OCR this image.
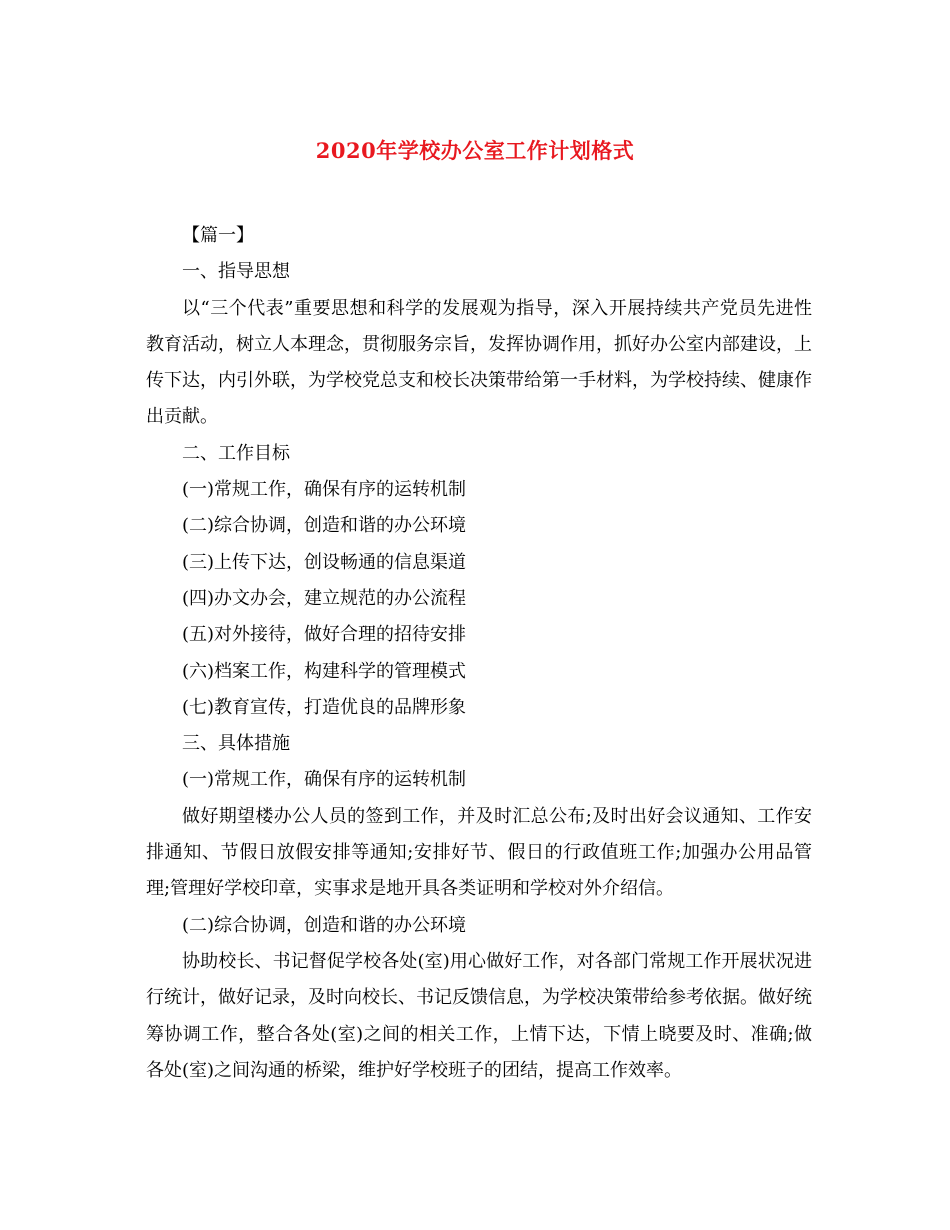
2020年学校办公室工作计划格式

【篇一】

一、指导思想

以“三个代表”重要思想和科学的发展观为指导，深入开展持续共产党员先进性教育活动，树立人本理念，贯彻服务宗旨，发挥协调作用，抓好办公室内部建设，上传下达，内引外联，为学校党总支和校长决策带给第一手材料，为学校持续、健康作出贡献。

二、工作目标

(一)常规工作，确保有序的运转机制

(二)综合协调，创造和谐的办公环境

(三)上传下达，创设畅通的信息渠道

(四)办文办会，建立规范的办公流程

(五)对外接待，做好合理的招待安排

(六)档案工作，构建科学的管理模式

(七)教育宣传，打造优良的品牌形象

三、具体措施

(一)常规工作，确保有序的运转机制

做好期望楼办公人员的签到工作，并及时汇总公布;及时出好会议通知、工作安排通知、节假日放假安排等通知;安排好节、假日的行政值班工作;加强办公用品管理;管理好学校印章，实事求是地开具各类证明和学校对外介绍信。

(二)综合协调，创造和谐的办公环境

协助校长、书记督促学校各处(室)用心做好工作，对各部门常规工作开展状况进行统计，做好记录，及时向校长、书记反馈信息，为学校决策带给参考依据。做好统筹协调工作，整合各处(室)之间的相关工作，上情下达，下情上晓要及时、准确;做各处(室)之间沟通的桥梁，维护好学校班子的团结，提高工作效率。
